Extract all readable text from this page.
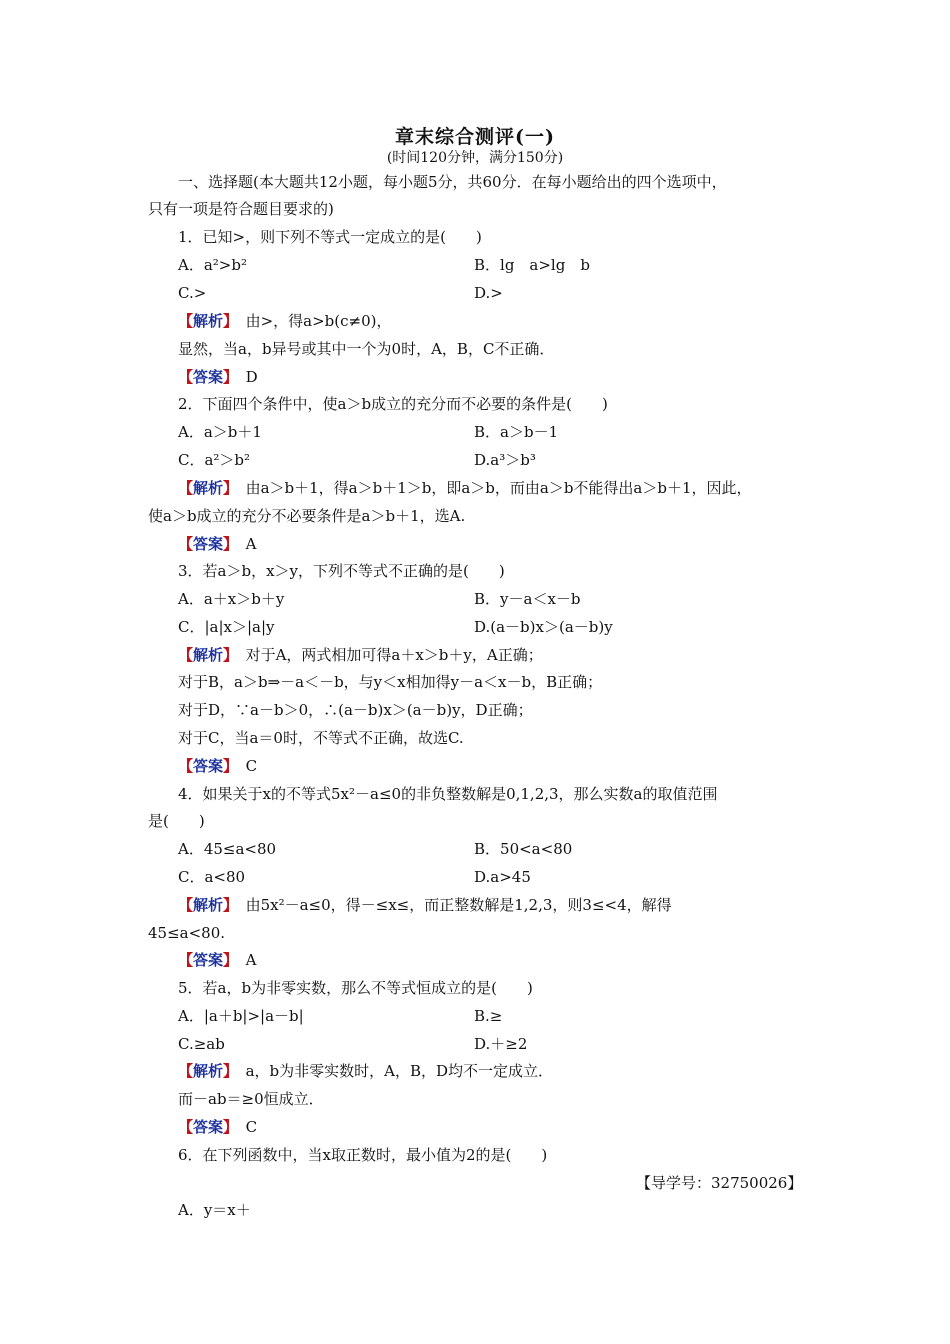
章末综合测评(一)
(时间120分钟，满分150分)
一、选择题(本大题共12小题，每小题5分，共60分．在每小题给出的四个选项中，
只有一项是符合题目要求的)
1．已知>，则下列不等式一定成立的是(　　)
A．a²>b²	B．lg　a>lg　b
C.>	D.>
【解析】　 由>，得a>b(c≠0)，
显然，当a，b异号或其中一个为0时，A，B，C不正确．
【答案】　 D
2．下面四个条件中，使a＞b成立的充分而不必要的条件是(　　)
A．a＞b＋1	B．a＞b－1
C．a²＞b²	D.a³＞b³
【解析】　 由a＞b＋1，得a＞b＋1＞b，即a＞b，而由a＞b不能得出a＞b＋1，因此，
使a＞b成立的充分不必要条件是a＞b＋1，选A.
【答案】　 A
3．若a＞b，x＞y，下列不等式不正确的是(　　)
A．a＋x＞b＋y	B．y－a＜x－b
C．|a|x＞|a|y	D.(a－b)x＞(a－b)y
【解析】　 对于A，两式相加可得a＋x＞b＋y，A正确；
对于B，a＞b⇒－a＜－b，与y＜x相加得y－a＜x－b，B正确；
对于D，∵a－b＞0，∴(a－b)x＞(a－b)y，D正确；
对于C，当a＝0时，不等式不正确，故选C.
【答案】　 C
4．如果关于x的不等式5x²－a≤0的非负整数解是0,1,2,3，那么实数a的取值范围
是(　　)
A．45≤a<80	B．50<a<80
C．a<80	D.a>45
【解析】　 由5x²－a≤0，得－≤x≤，而正整数解是1,2,3，则3≤<4，解得
45≤a<80.
【答案】　 A
5．若a，b为非零实数，那么不等式恒成立的是(　　)
A．|a＋b|>|a－b|	B.≥
C.≥ab	D.＋≥2
【解析】　 a，b为非零实数时，A，B，D均不一定成立．
而－ab＝≥0恒成立．
【答案】　 C
6．在下列函数中，当x取正数时，最小值为2的是(　　)
【导学号：32750026】
A．y＝x＋
